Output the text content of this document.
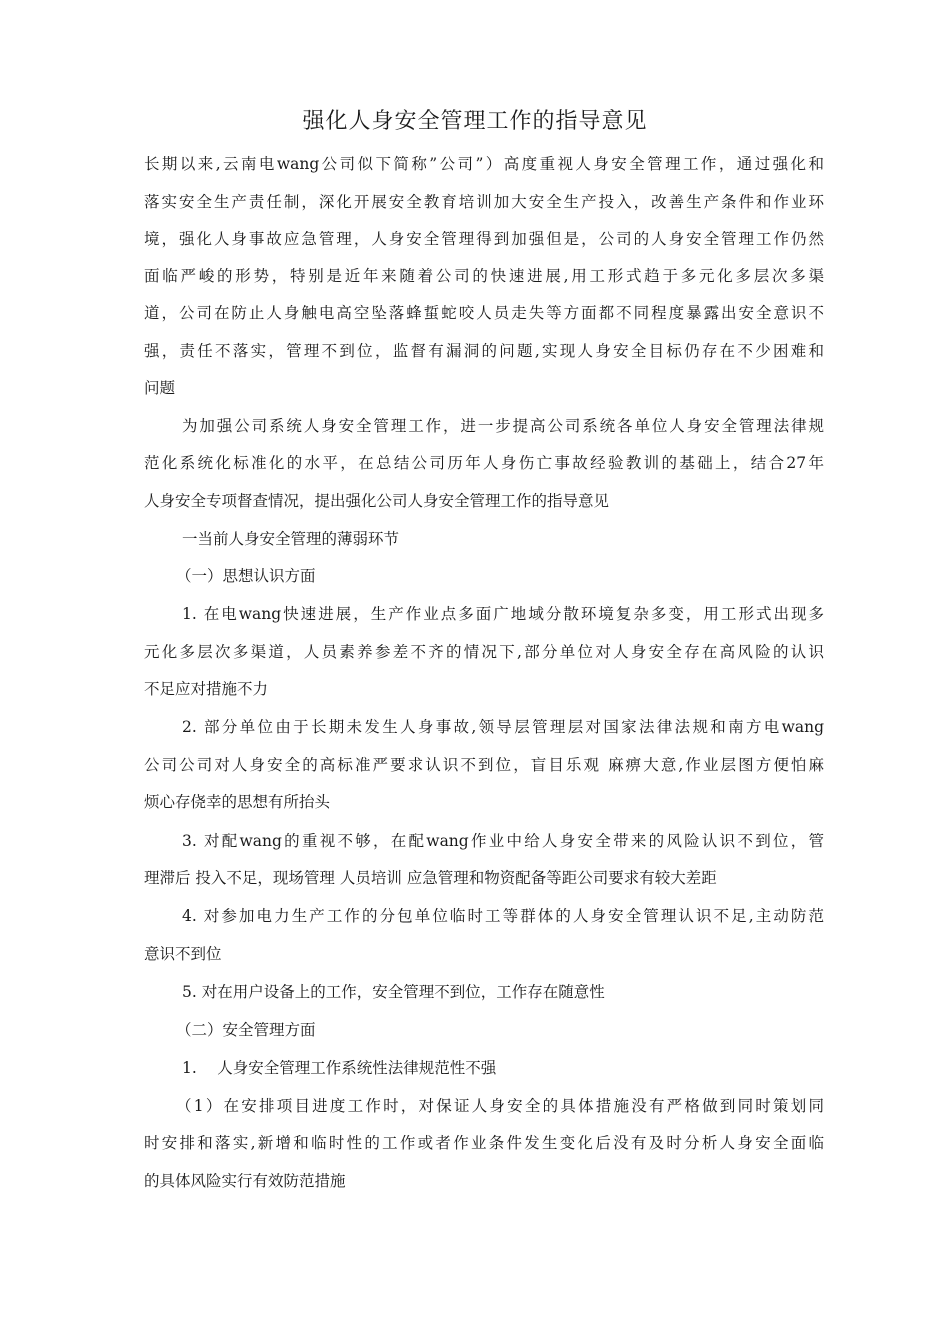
强化人身安全管理工作的指导意见
长期以来,云南电wang公司似下简称”公司”）高度重视人身安全管理工作，通过强化和
落实安全生产责任制，深化开展安全教育培训加大安全生产投入，改善生产条件和作业环
境，强化人身事故应急管理，人身安全管理得到加强但是，公司的人身安全管理工作仍然
面临严峻的形势，特别是近年来随着公司的快速进展,用工形式趋于多元化多层次多渠
道，公司在防止人身触电高空坠落蜂蜇蛇咬人员走失等方面都不同程度暴露出安全意识不
强，责任不落实，管理不到位，监督有漏洞的问题,实现人身安全目标仍存在不少困难和
问题
为加强公司系统人身安全管理工作，进一步提高公司系统各单位人身安全管理法律规
范化系统化标准化的水平，在总结公司历年人身伤亡事故经验教训的基础上，结合27年
人身安全专项督查情况，提出强化公司人身安全管理工作的指导意见
一当前人身安全管理的薄弱环节
（一）思想认识方面
1. 在电wang快速进展，生产作业点多面广地域分散环境复杂多变，用工形式出现多
元化多层次多渠道，人员素养参差不齐的情况下,部分单位对人身安全存在高风险的认识
不足应对措施不力
2. 部分单位由于长期未发生人身事故,领导层管理层对国家法律法规和南方电wang
公司公司对人身安全的高标准严要求认识不到位，盲目乐观 麻痹大意,作业层图方便怕麻
烦心存侥幸的思想有所抬头
3. 对配wang的重视不够，在配wang作业中给人身安全带来的风险认识不到位，管
理滞后 投入不足，现场管理 人员培训 应急管理和物资配备等距公司要求有较大差距
4. 对参加电力生产工作的分包单位临时工等群体的人身安全管理认识不足,主动防范
意识不到位
5. 对在用户设备上的工作，安全管理不到位，工作存在随意性
（二）安全管理方面
1.　 人身安全管理工作系统性法律规范性不强
（1）在安排项目进度工作时，对保证人身安全的具体措施没有严格做到同时策划同
时安排和落实,新增和临时性的工作或者作业条件发生变化后没有及时分析人身安全面临
的具体风险实行有效防范措施
